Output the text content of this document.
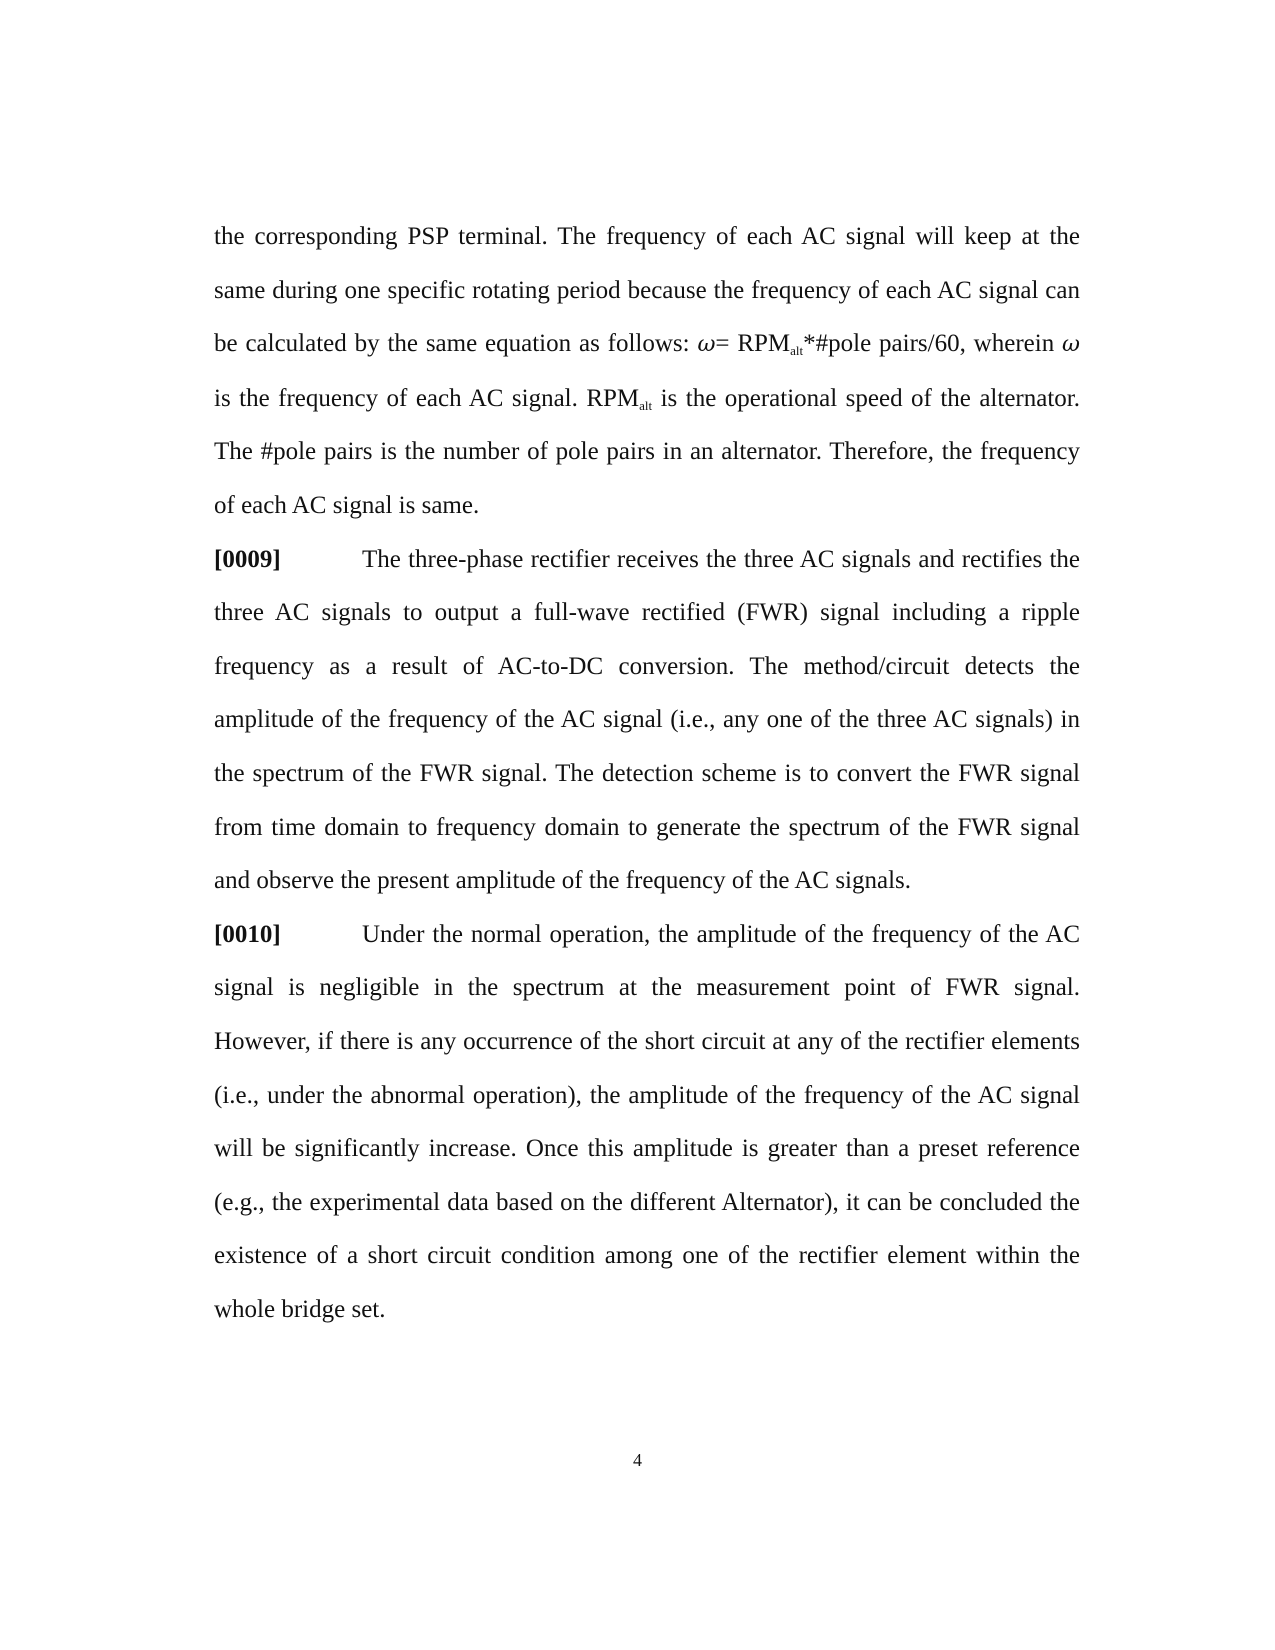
the corresponding PSP terminal. The frequency of each AC signal will keep at the same during one specific rotating period because the frequency of each AC signal can be calculated by the same equation as follows: $\omega= RPM_{alt}*\#pole$ pairs/60, wherein ω is the frequency of each AC signal. $RPM_{alt}$ is the operational speed of the alternator. The #pole pairs is the number of pole pairs in an alternator. Therefore, the frequency of each AC signal is same.

[0009]	The three-phase rectifier receives the three AC signals and rectifies the three AC signals to output a full-wave rectified (FWR) signal including a ripple frequency as a result of AC-to-DC conversion. The method/circuit detects the amplitude of the frequency of the AC signal (i.e., any one of the three AC signals) in the spectrum of the FWR signal. The detection scheme is to convert the FWR signal from time domain to frequency domain to generate the spectrum of the FWR signal and observe the present amplitude of the frequency of the AC signals.

[0010]	Under the normal operation, the amplitude of the frequency of the AC signal is negligible in the spectrum at the measurement point of FWR signal. However, if there is any occurrence of the short circuit at any of the rectifier elements (i.e., under the abnormal operation), the amplitude of the frequency of the AC signal will be significantly increase. Once this amplitude is greater than a preset reference (e.g., the experimental data based on the different Alternator), it can be concluded the existence of a short circuit condition among one of the rectifier element within the whole bridge set.

4
